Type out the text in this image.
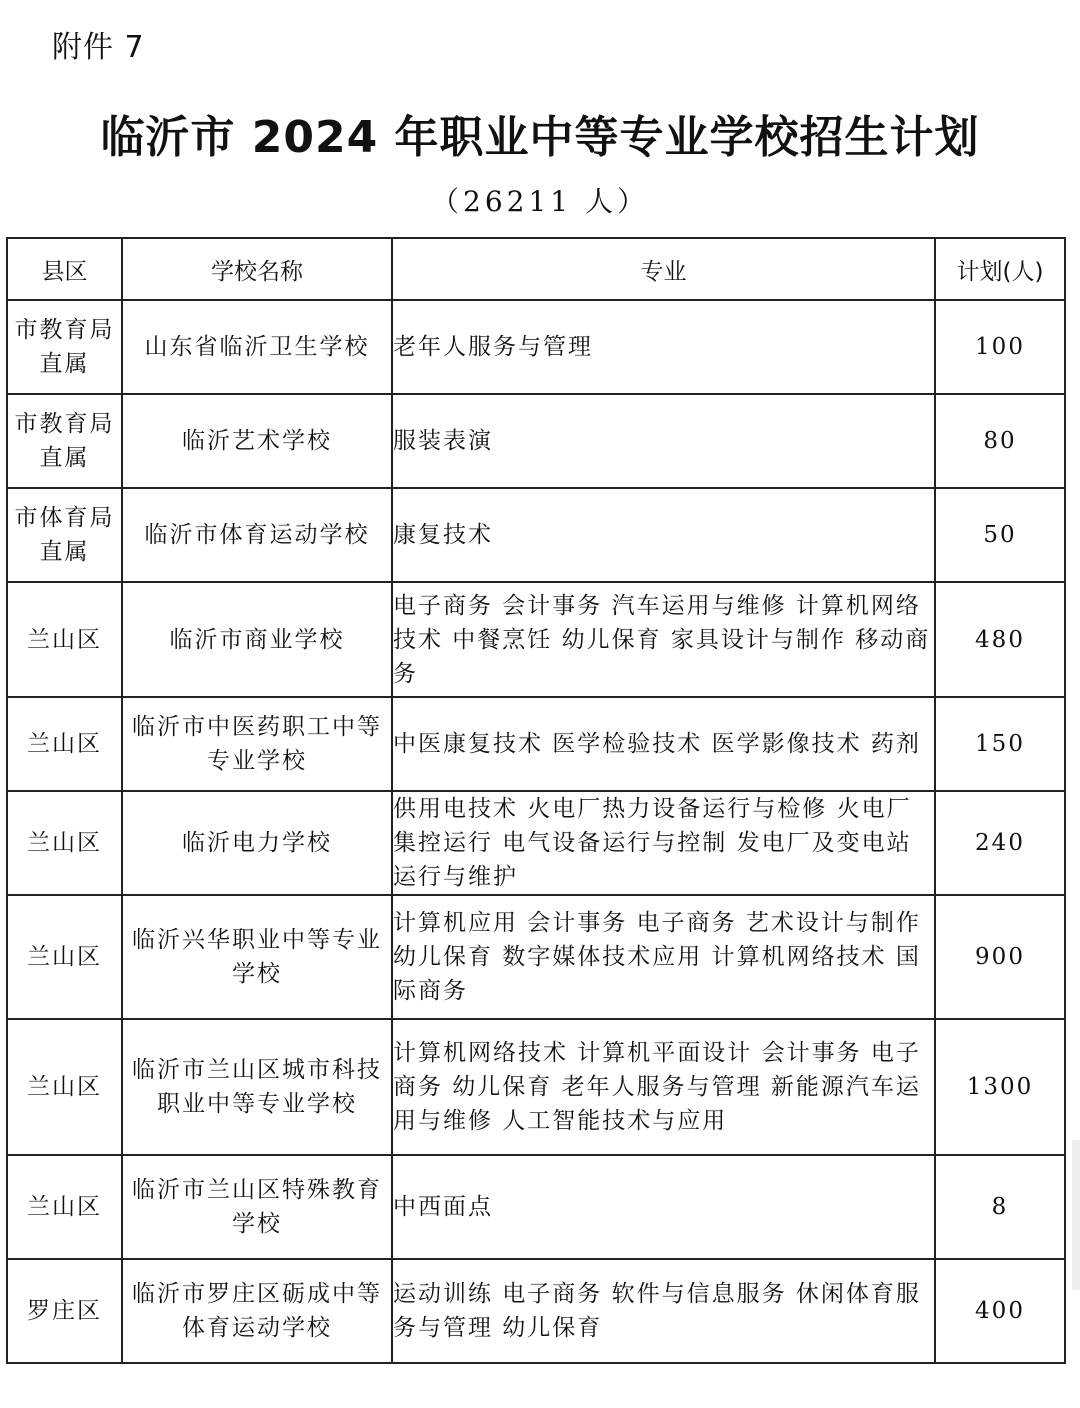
附件 7
临沂市 2024 年职业中等专业学校招生计划
（26211 人）
县区	学校名称	专业	计划(人)
市教育局直属	山东省临沂卫生学校	老年人服务与管理	100
市教育局直属	临沂艺术学校	服装表演	80
市体育局直属	临沂市体育运动学校	康复技术	50
兰山区	临沂市商业学校	电子商务 会计事务 汽车运用与维修 计算机网络技术 中餐烹饪 幼儿保育 家具设计与制作 移动商务	480
兰山区	临沂市中医药职工中等专业学校	中医康复技术 医学检验技术 医学影像技术 药剂	150
兰山区	临沂电力学校	供用电技术 火电厂热力设备运行与检修 火电厂集控运行 电气设备运行与控制 发电厂及变电站运行与维护	240
兰山区	临沂兴华职业中等专业学校	计算机应用 会计事务 电子商务 艺术设计与制作 幼儿保育 数字媒体技术应用 计算机网络技术 国际商务	900
兰山区	临沂市兰山区城市科技职业中等专业学校	计算机网络技术 计算机平面设计 会计事务 电子商务 幼儿保育 老年人服务与管理 新能源汽车运用与维修 人工智能技术与应用	1300
兰山区	临沂市兰山区特殊教育学校	中西面点	8
罗庄区	临沂市罗庄区砺成中等体育运动学校	运动训练 电子商务 软件与信息服务 休闲体育服务与管理 幼儿保育	400
